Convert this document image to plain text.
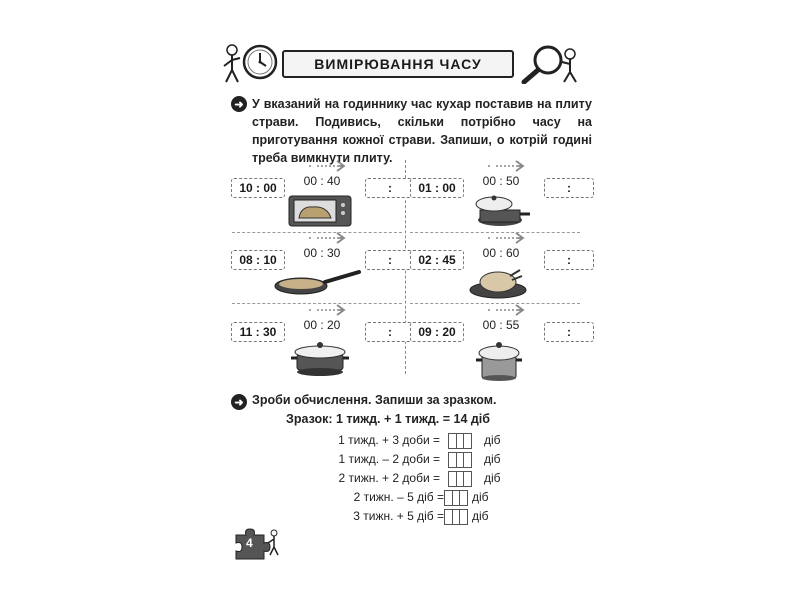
ВИМІРЮВАННЯ ЧАСУ
➜ У вказаний на годиннику час кухар поставив на плиту страви. Подивись, скільки потрібно часу на приготування кожної страви. Запиши, о котрій годині треба вимкнути плиту.
10 : 00	00 : 40	:	01 : 00	00 : 50	:
08 : 10	00 : 30	:	02 : 45	00 : 60	:
11 : 30	00 : 20	:	09 : 20	00 : 55	:
➜ Зроби обчислення. Запиши за зразком.
Зразок: 1 тижд. + 1 тижд. = 14 діб
1 тижд. + 3 доби =	діб
1 тижд. – 2 доби =	діб
2 тижн. + 2 доби =	діб
2 тижн. – 5 діб = діб
3 тижн. + 5 діб = діб
4
